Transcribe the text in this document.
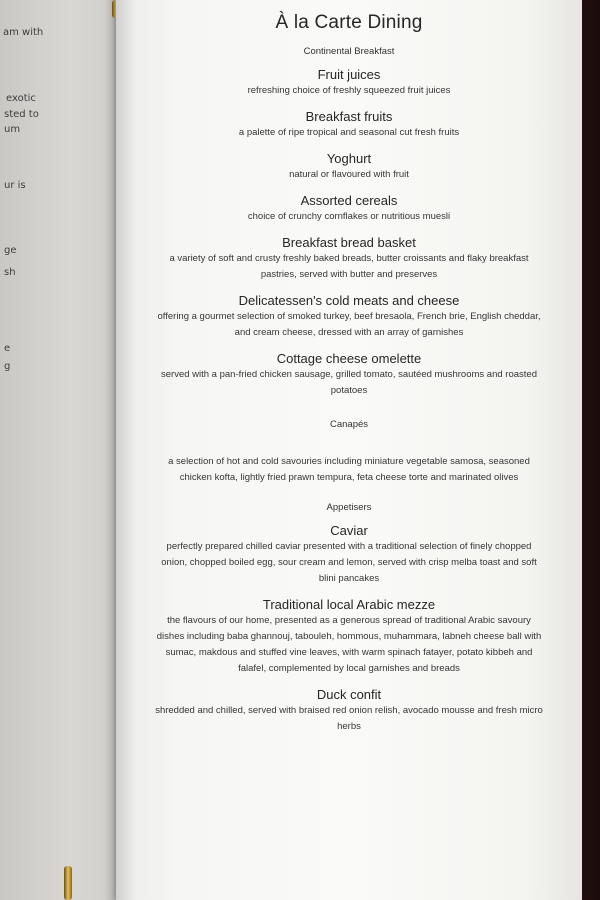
am with
exotic
sted to
um
ur is
ge
sh
e
g
À la Carte Dining
Continental Breakfast
Fruit juices
refreshing choice of freshly squeezed fruit juices
Breakfast fruits
a palette of ripe tropical and seasonal cut fresh fruits
Yoghurt
natural or flavoured with fruit
Assorted cereals
choice of crunchy cornflakes or nutritious muesli
Breakfast bread basket
a variety of soft and crusty freshly baked breads, butter croissants and flaky breakfast pastries, served with butter and preserves
Delicatessen's cold meats and cheese
offering a gourmet selection of smoked turkey, beef bresaola, French brie, English cheddar, and cream cheese, dressed with an array of garnishes
Cottage cheese omelette
served with a pan-fried chicken sausage, grilled tomato, sautéed mushrooms and roasted potatoes
Canapés
a selection of hot and cold savouries including miniature vegetable samosa, seasoned chicken kofta, lightly fried prawn tempura, feta cheese torte and marinated olives
Appetisers
Caviar
perfectly prepared chilled caviar presented with a traditional selection of finely chopped onion, chopped boiled egg, sour cream and lemon, served with crisp melba toast and soft blini pancakes
Traditional local Arabic mezze
the flavours of our home, presented as a generous spread of traditional Arabic savoury dishes including baba ghannouj, tabouleh, hommous, muhammara, labneh cheese ball with sumac, makdous and stuffed vine leaves, with warm spinach fatayer, potato kibbeh and falafel, complemented by local garnishes and breads
Duck confit
shredded and chilled, served with braised red onion relish, avocado mousse and fresh micro herbs
